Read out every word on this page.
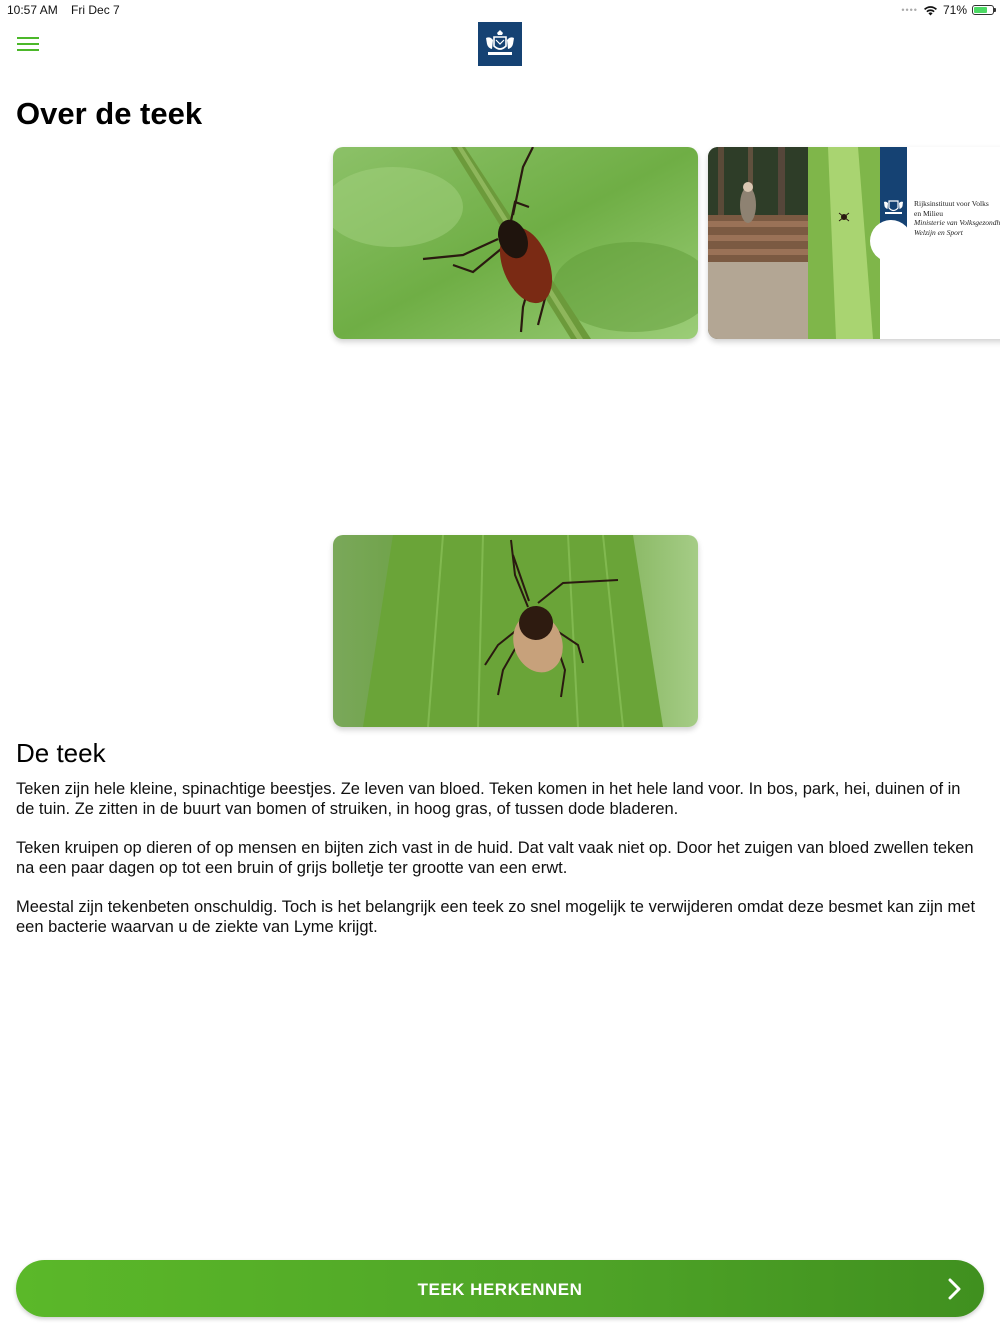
10:57 AM Fri Dec 7	•••• 71%
Over de teek
Rijksinstituut voor Volks
en Milieu
Ministerie van Volksgezondh
Welzijn en Sport
De teek

Teken zijn hele kleine, spinachtige beestjes. Ze leven van bloed. Teken komen in het hele land voor. In bos, park, hei, duinen of in de tuin. Ze zitten in de buurt van bomen of struiken, in hoog gras, of tussen dode bladeren.

Teken kruipen op dieren of op mensen en bijten zich vast in de huid. Dat valt vaak niet op. Door het zuigen van bloed zwellen teken na een paar dagen op tot een bruin of grijs bolletje ter grootte van een erwt.

Meestal zijn tekenbeten onschuldig. Toch is het belangrijk een teek zo snel mogelijk te verwijderen omdat deze besmet kan zijn met een bacterie waarvan u de ziekte van Lyme krijgt.

TEEK HERKENNEN
